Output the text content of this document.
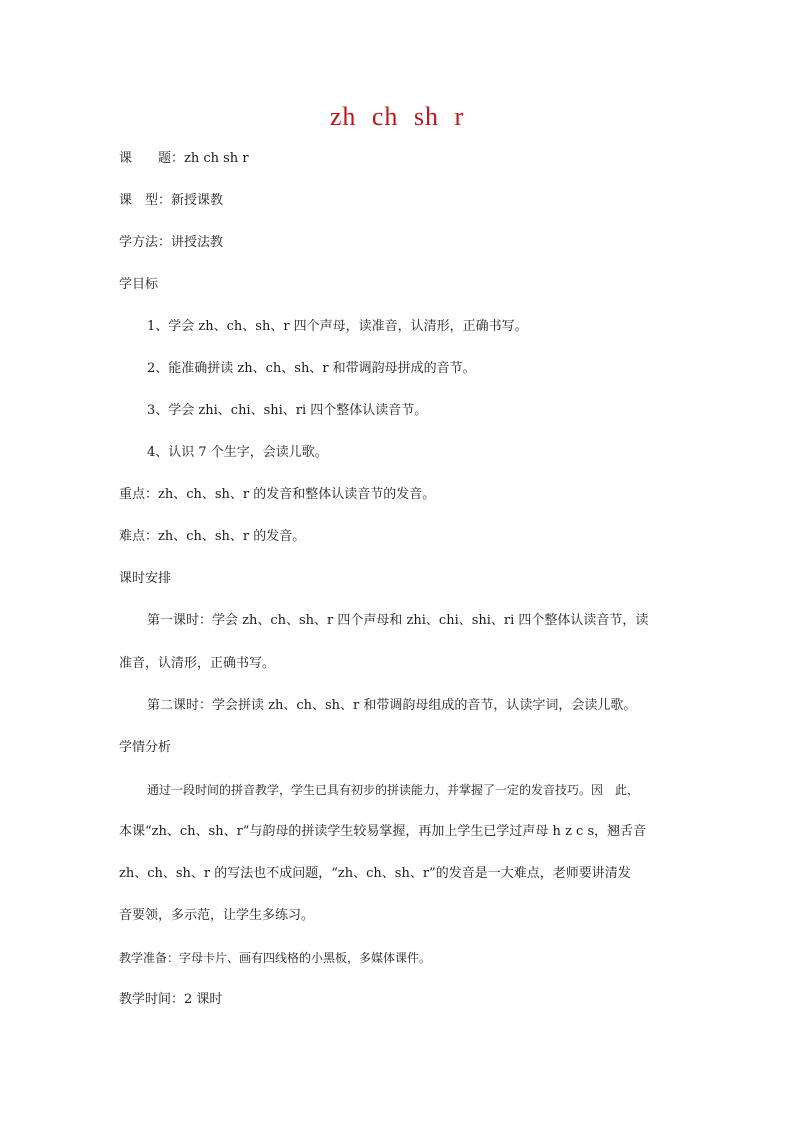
zh ch sh r
课　　题：zh ch sh r
课　型：新授课教
学方法：讲授法教
学目标
1、学会 zh、ch、sh、r 四个声母，读准音，认清形，正确书写。
2、能准确拼读 zh、ch、sh、r 和带调韵母拼成的音节。
3、学会 zhi、chi、shi、ri 四个整体认读音节。
4、认识 7 个生字，会读儿歌。
重点：zh、ch、sh、r 的发音和整体认读音节的发音。
难点：zh、ch、sh、r 的发音。
课时安排
第一课时：学会 zh、ch、sh、r 四个声母和 zhi、chi、shi、ri 四个整体认读音节，读
准音，认清形，正确书写。
第二课时：学会拼读 zh、ch、sh、r 和带调韵母组成的音节，认读字词，会读儿歌。
学情分析
通过一段时间的拼音教学，学生已具有初步的拼读能力，并掌握了一定的发音技巧。因　此，
本课“zh、ch、sh、r”与韵母的拼读学生较易掌握，再加上学生已学过声母 h z c s，翘舌音
zh、ch、sh、r 的写法也不成问题，“zh、ch、sh、r”的发音是一大难点，老师要讲清发
音要领，多示范，让学生多练习。
教学准备：字母卡片、画有四线格的小黑板，多媒体课件。
教学时间：2 课时
